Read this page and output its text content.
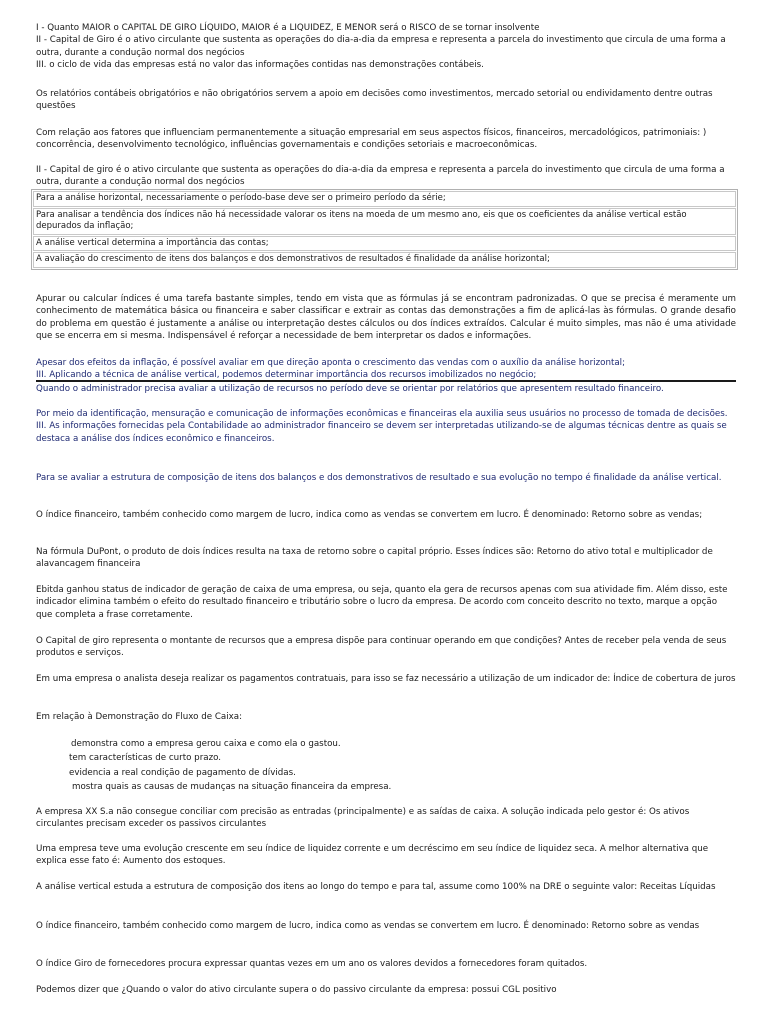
I - Quanto MAIOR o CAPITAL DE GIRO LÍQUIDO, MAIOR é a LIQUIDEZ, E MENOR será o RISCO de se tornar insolvente
II - Capital de Giro é o ativo circulante que sustenta as operações do dia-a-dia da empresa e representa a parcela do investimento que circula de uma forma a outra, durante a condução normal dos negócios
III. o ciclo de vida das empresas está no valor das informações contidas nas demonstrações contábeis.

Os relatórios contábeis obrigatórios e não obrigatórios servem a apoio em decisões como investimentos, mercado setorial ou endividamento dentre outras questões

Com relação aos fatores que influenciam permanentemente a situação empresarial em seus aspectos físicos, financeiros, mercadológicos, patrimoniais: ) concorrência, desenvolvimento tecnológico, influências governamentais e condições setoriais e macroeconômicas.

II - Capital de giro é o ativo circulante que sustenta as operações do dia-a-dia da empresa e representa a parcela do investimento que circula de uma forma a outra, durante a condução normal dos negócios

Para a análise horizontal, necessariamente o período-base deve ser o primeiro período da série;
Para analisar a tendência dos índices não há necessidade valorar os itens na moeda de um mesmo ano, eis que os coeficientes da análise vertical estão depurados da inflação;
A análise vertical determina a importância das contas;
A avaliação do crescimento de itens dos balanços e dos demonstrativos de resultados é finalidade da análise horizontal;

Apurar ou calcular índices é uma tarefa bastante simples, tendo em vista que as fórmulas já se encontram padronizadas. O que se precisa é meramente um conhecimento de matemática básica ou financeira e saber classificar e extrair as contas das demonstrações a fim de aplicá-las às fórmulas. O grande desafio do problema em questão é justamente a análise ou interpretação destes cálculos ou dos índices extraídos. Calcular é muito simples, mas não é uma atividade que se encerra em si mesma. Indispensável é reforçar a necessidade de bem interpretar os dados e informações.

Apesar dos efeitos da inflação, é possível avaliar em que direção aponta o crescimento das vendas com o auxílio da análise horizontal;
III. Aplicando a técnica de análise vertical, podemos determinar importância dos recursos imobilizados no negócio;

Quando o administrador precisa avaliar a utilização de recursos no período deve se orientar por relatórios que apresentem resultado financeiro.

Por meio da identificação, mensuração e comunicação de informações econômicas e financeiras ela auxilia seus usuários no processo de tomada de decisões.
III. As informações fornecidas pela Contabilidade ao administrador financeiro se devem ser interpretadas utilizando-se de algumas técnicas dentre as quais se destaca a análise dos índices econômico e financeiros.

Para se avaliar a estrutura de composição de itens dos balanços e dos demonstrativos de resultado e sua evolução no tempo é finalidade da análise vertical.

O índice financeiro, também conhecido como margem de lucro, indica como as vendas se convertem em lucro. É denominado: Retorno sobre as vendas;

Na fórmula DuPont, o produto de dois índices resulta na taxa de retorno sobre o capital próprio. Esses índices são: Retorno do ativo total e multiplicador de alavancagem financeira

Ebitda ganhou status de indicador de geração de caixa de uma empresa, ou seja, quanto ela gera de recursos apenas com sua atividade fim. Além disso, este indicador elimina também o efeito do resultado financeiro e tributário sobre o lucro da empresa. De acordo com conceito descrito no texto, marque a opção que completa a frase corretamente.

O Capital de giro representa o montante de recursos que a empresa dispõe para continuar operando em que condições? Antes de receber pela venda de seus produtos e serviços.

Em uma empresa o analista deseja realizar os pagamentos contratuais, para isso se faz necessário a utilização de um indicador de: Índice de cobertura de juros

Em relação à Demonstração do Fluxo de Caixa:

demonstra como a empresa gerou caixa e como ela o gastou.
tem características de curto prazo.
evidencia a real condição de pagamento de dívidas.
mostra quais as causas de mudanças na situação financeira da empresa.

A empresa XX S.a não consegue conciliar com precisão as entradas (principalmente) e as saídas de caixa. A solução indicada pelo gestor é: Os ativos circulantes precisam exceder os passivos circulantes

Uma empresa teve uma evolução crescente em seu índice de liquidez corrente e um decréscimo em seu índice de liquidez seca. A melhor alternativa que explica esse fato é: Aumento dos estoques.

A análise vertical estuda a estrutura de composição dos itens ao longo do tempo e para tal, assume como 100% na DRE o seguinte valor: Receitas Líquidas

O índice financeiro, também conhecido como margem de lucro, indica como as vendas se convertem em lucro. É denominado: Retorno sobre as vendas

O índice Giro de fornecedores procura expressar quantas vezes em um ano os valores devidos a fornecedores foram quitados.

Podemos dizer que ¿Quando o valor do ativo circulante supera o do passivo circulante da empresa: possui CGL positivo
